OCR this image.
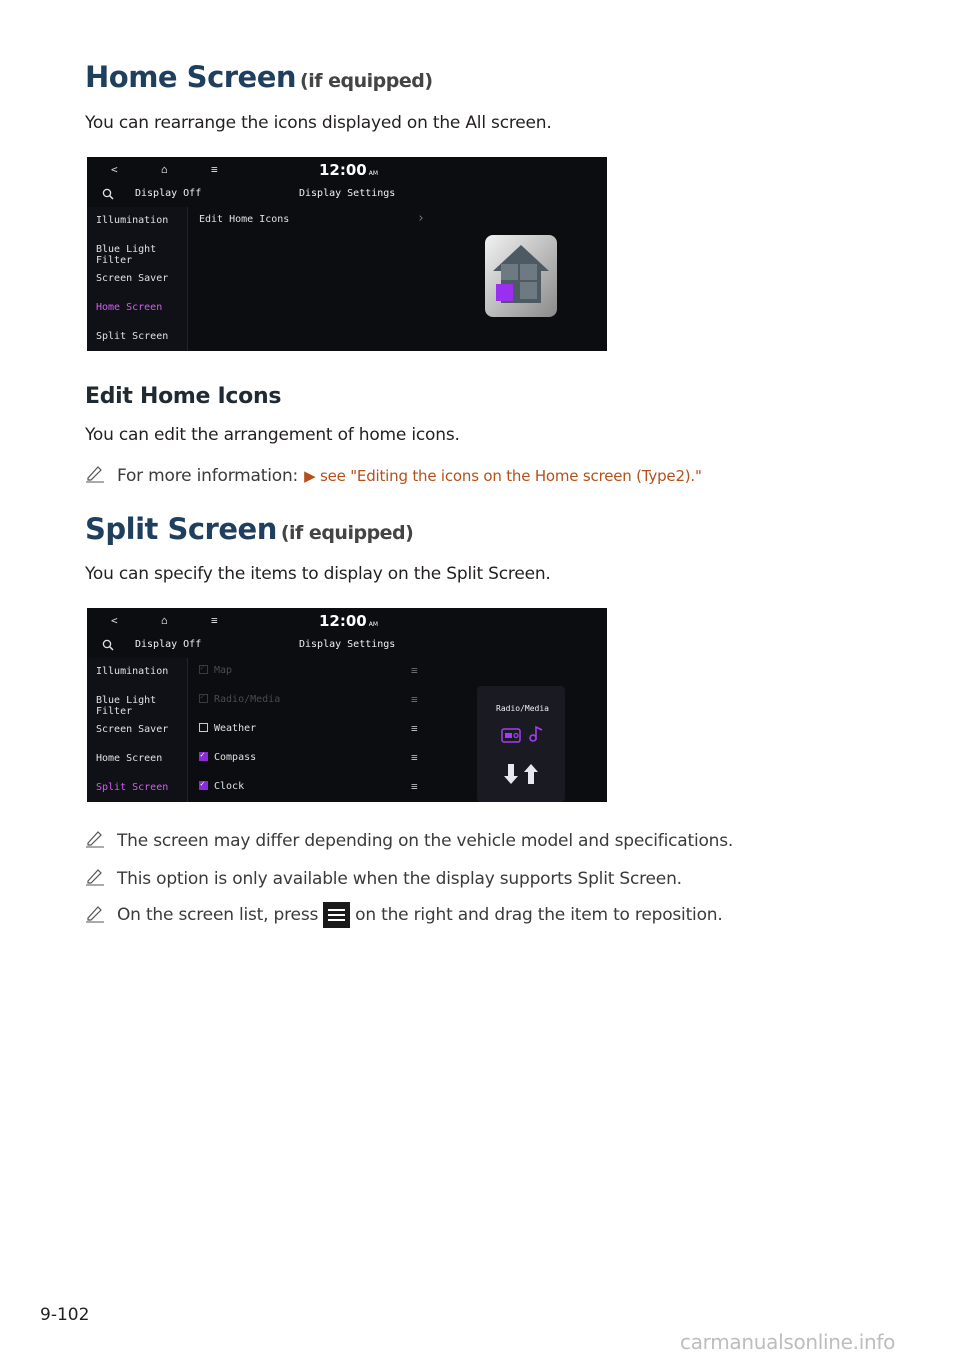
Home Screen (if equipped)
You can rearrange the icons displayed on the All screen.
<	⌂	≡	12:00 AM
Display Off	Display Settings
Illumination
Blue Light Filter
Screen Saver
Home Screen
Split Screen
Edit Home Icons	›
Edit Home Icons
You can edit the arrangement of home icons.
For more information: ▶ see "Editing the icons on the Home screen (Type2)."
Split Screen (if equipped)
You can specify the items to display on the Split Screen.
<	⌂	≡	12:00 AM
Display Off	Display Settings
Illumination
Blue Light Filter
Screen Saver
Home Screen
Split Screen
✓Map	≡
✓Radio/Media	≡
Weather	≡
✓Compass	≡
✓Clock	≡
Radio/Media
The screen may differ depending on the vehicle model and specifications.
This option is only available when the display supports Split Screen.
On the screen list, press on the right and drag the item to reposition.
9-102
carmanualsonline.info
